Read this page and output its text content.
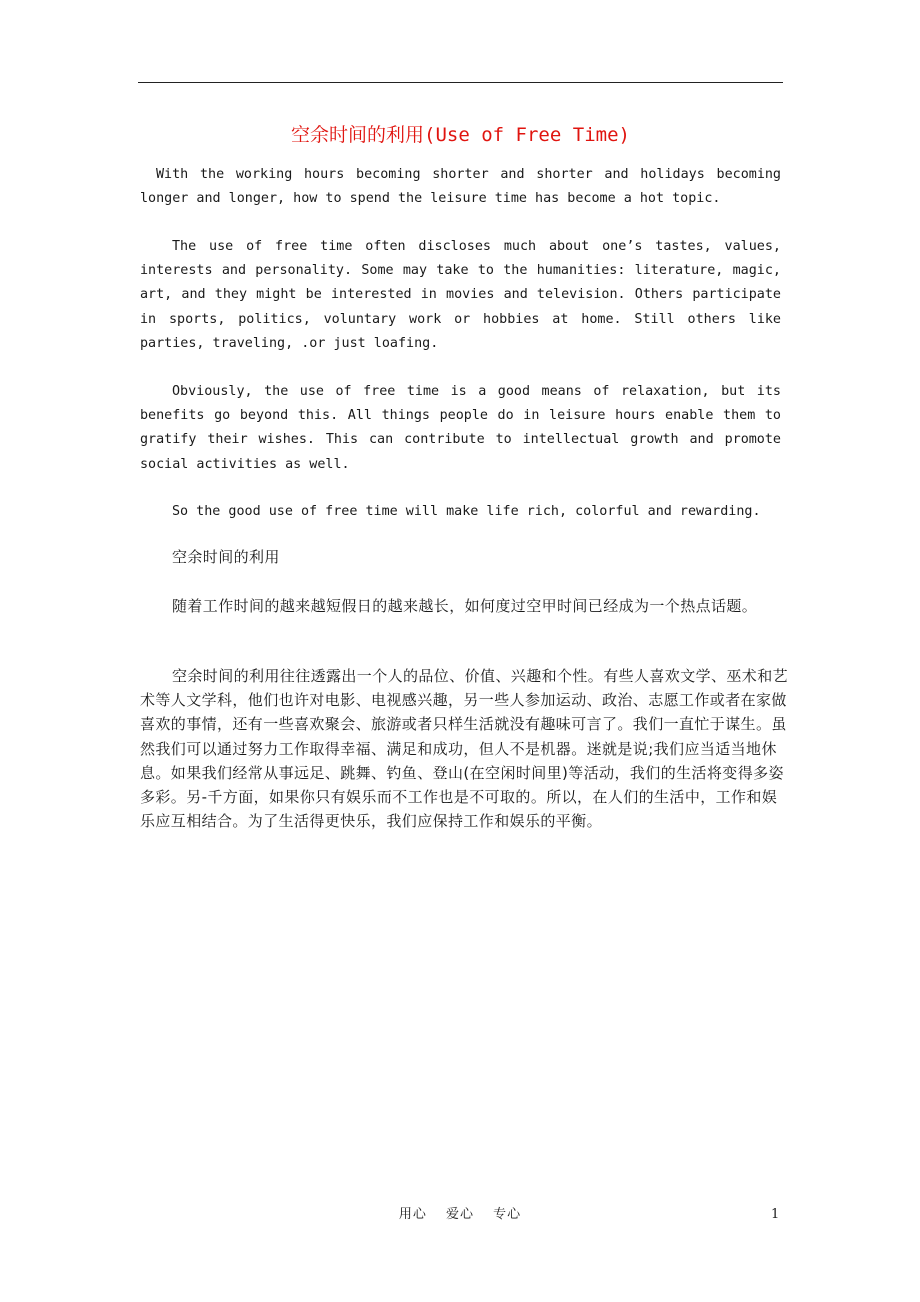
空余时间的利用(Use of Free Time)

With the working hours becoming shorter and shorter and holidays becoming longer and longer, how to spend the leisure time has become a hot topic.

The use of free time often discloses much about one’s tastes, values, interests and personality. Some may take to the humanities: literature, magic, art, and they might be interested in movies and television. Others participate in sports, politics, voluntary work or hobbies at home. Still others like parties, traveling, .or just loafing.

Obviously, the use of free time is a good means of relaxation, but its benefits go beyond this. All things people do in leisure hours enable them to gratify their wishes. This can contribute to intellectual growth and promote social activities as well.

So the good use of free time will make life rich, colorful and rewarding.

空余时间的利用

随着工作时间的越来越短假日的越来越长，如何度过空甲时间已经成为一个热点话题。

空余时间的利用往往透露出一个人的品位、价值、兴趣和个性。有些人喜欢文学、巫术和艺术等人文学科，他们也许对电影、电视感兴趣，另一些人参加运动、政治、志愿工作或者在家做喜欢的事情，还有一些喜欢聚会、旅游或者只样生活就没有趣味可言了。我们一直忙于谋生。虽然我们可以通过努力工作取得幸福、满足和成功，但人不是机器。迷就是说;我们应当适当地休息。如果我们经常从事远足、跳舞、钓鱼、登山(在空闲时间里)等活动，我们的生活将变得多姿多彩。另-千方面，如果你只有娱乐而不工作也是不可取的。所以，在人们的生活中，工作和娱乐应互相结合。为了生活得更快乐，我们应保持工作和娱乐的平衡。

用心　 爱心　 专心	1
